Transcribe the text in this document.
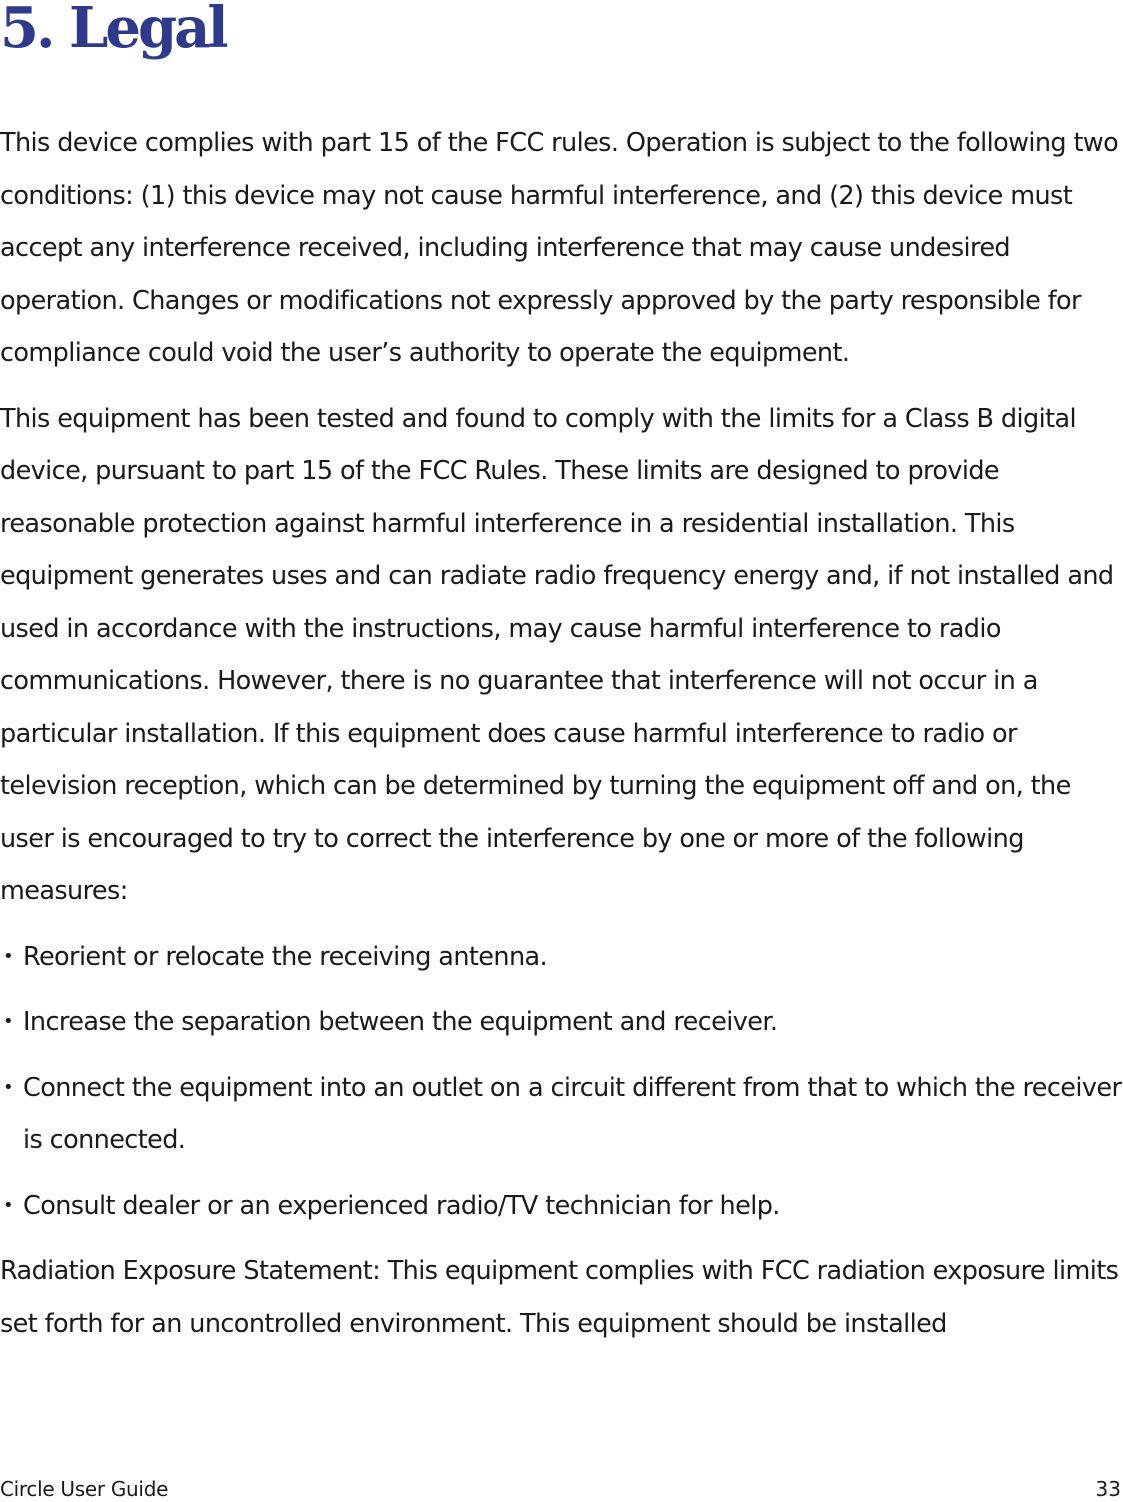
5. Legal

This device complies with part 15 of the FCC rules. Operation is subject to the following two conditions: (1) this device may not cause harmful interference, and (2) this device must accept any interference received, including interference that may cause undesired operation. Changes or modifications not expressly approved by the party responsible for compliance could void the user’s authority to operate the equipment.

This equipment has been tested and found to comply with the limits for a Class B digital device, pursuant to part 15 of the FCC Rules. These limits are designed to provide reasonable protection against harmful interference in a residential installation. This equipment generates uses and can radiate radio frequency energy and, if not installed and used in accordance with the instructions, may cause harmful interference to radio communications. However, there is no guarantee that interference will not occur in a particular installation. If this equipment does cause harmful interference to radio or television reception, which can be determined by turning the equipment off and on, the user is encouraged to try to correct the interference by one or more of the following measures:

• Reorient or relocate the receiving antenna.
• Increase the separation between the equipment and receiver.
• Connect the equipment into an outlet on a circuit different from that to which the receiver is connected.
• Consult dealer or an experienced radio/TV technician for help.

Radiation Exposure Statement: This equipment complies with FCC radiation exposure limits set forth for an uncontrolled environment. This equipment should be installed

Circle User Guide	33
